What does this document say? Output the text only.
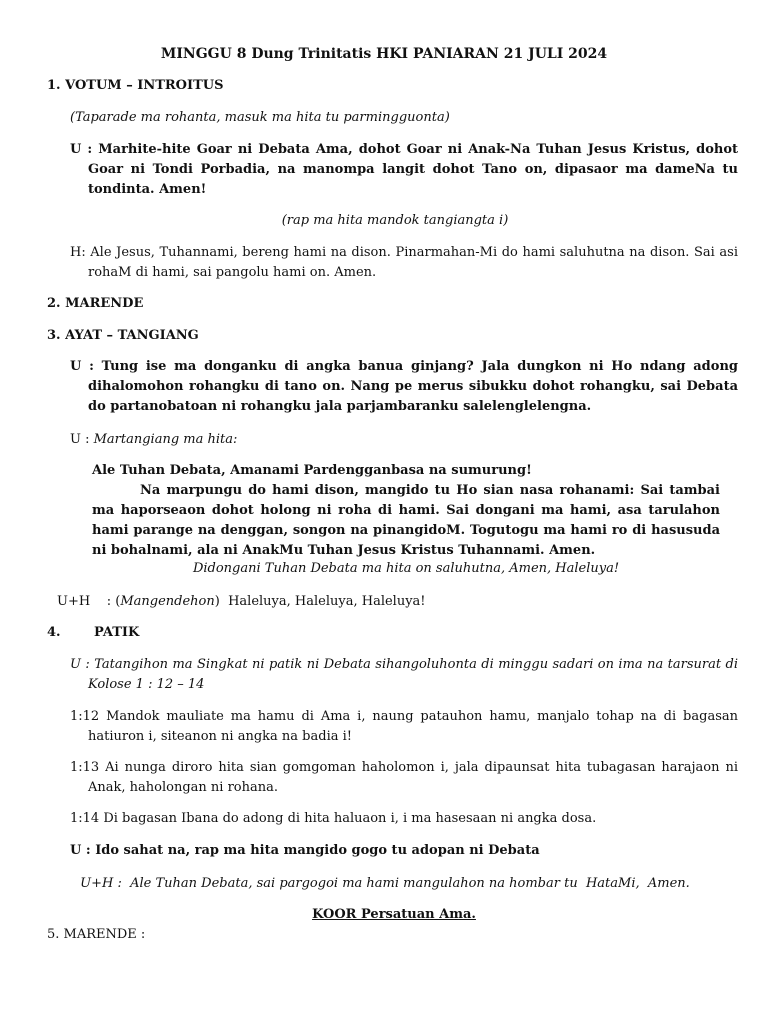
MINGGU 8 Dung Trinitatis HKI PANIARAN 21 JULI 2024
1. VOTUM – INTROITUS
(Taparade ma rohanta, masuk ma hita tu parmingguonta)
U : Marhite-hite Goar ni Debata Ama, dohot Goar ni Anak-Na Tuhan Jesus Kristus, dohot Goar ni Tondi Porbadia, na manompa langit dohot Tano on, dipasaor ma dameNa tu tondinta. Amen!
(rap ma hita mandok tangiangta i)
H: Ale Jesus, Tuhannami, bereng hami na dison. Pinarmahan-Mi do hami saluhutna na dison. Sai asi rohaM di hami, sai pangolu hami on. Amen.
2. MARENDE
3. AYAT – TANGIANG
U : Tung ise ma donganku di angka banua ginjang? Jala dungkon ni Ho ndang adong dihalomohon rohangku di tano on. Nang pe merus sibukku dohot rohangku, sai Debata do partanobatoan ni rohangku jala parjambaranku salelenglelengna.
U : Martangiang ma hita:
Ale Tuhan Debata, Amanami Pardengganbasa na sumurung!
Na marpungu do hami dison, mangido tu Ho sian nasa rohanami: Sai tambai ma haporseaon dohot holong ni roha di hami. Sai dongani ma hami, asa tarulahon hami parange na denggan, songon na pinangidoM. Togutogu ma hami ro di hasusuda ni bohalnami, ala ni AnakMu Tuhan Jesus Kristus Tuhannami. Amen.
Didongani Tuhan Debata ma hita on saluhutna, Amen, Haleluya!
U+H    : (Mangendehon)  Haleluya, Haleluya, Haleluya!
4.	PATIK
U : Tatangihon ma Singkat ni patik ni Debata sihangoluhonta di minggu sadari on ima na tarsurat di Kolose 1 : 12 – 14
1:12 Mandok mauliate ma hamu di Ama i, naung patauhon hamu, manjalo tohap na di bagasan hatiuron i, siteanon ni angka na badia i!
1:13 Ai nunga diroro hita sian gomgoman haholomon i, jala dipaunsat hita tubagasan harajaon ni Anak, haholongan ni rohana.
1:14 Di bagasan Ibana do adong di hita haluaon i, i ma hasesaan ni angka dosa.
U : Ido sahat na, rap ma hita mangido gogo tu adopan ni Debata
U+H :  Ale Tuhan Debata, sai pargogoi ma hami mangulahon na hombar tu  HataMi,  Amen.
KOOR Persatuan Ama.
5. MARENDE :
